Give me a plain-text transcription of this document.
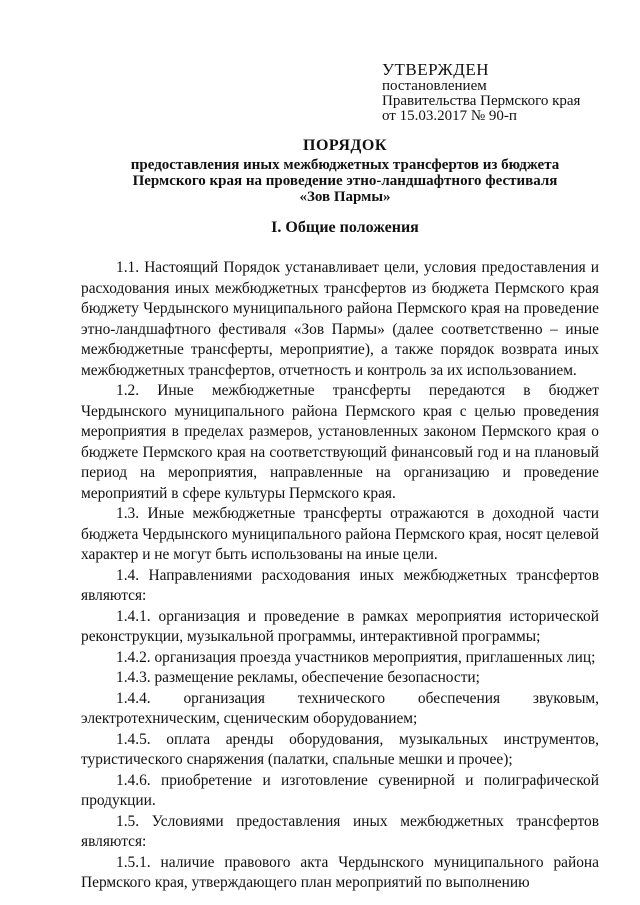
УТВЕРЖДЕН
постановлением
Правительства Пермского края
от 15.03.2017 № 90-п
ПОРЯДОК
предоставления иных межбюджетных трансфертов из бюджета
Пермского края на проведение этно-ландшафтного фестиваля
«Зов Пармы»
I. Общие положения

1.1. Настоящий Порядок устанавливает цели, условия предоставления и расходования иных межбюджетных трансфертов из бюджета Пермского края бюджету Чердынского муниципального района Пермского края на проведение этно-ландшафтного фестиваля «Зов Пармы» (далее соответственно – иные межбюджетные трансферты, мероприятие), а также порядок возврата иных межбюджетных трансфертов, отчетность и контроль за их использованием.

1.2. Иные межбюджетные трансферты передаются в бюджет Чердынского муниципального района Пермского края с целью проведения мероприятия в пределах размеров, установленных законом Пермского края о бюджете Пермского края на соответствующий финансовый год и на плановый период на мероприятия, направленные на организацию и проведение мероприятий в сфере культуры Пермского края.

1.3. Иные межбюджетные трансферты отражаются в доходной части бюджета Чердынского муниципального района Пермского края, носят целевой характер и не могут быть использованы на иные цели.

1.4. Направлениями расходования иных межбюджетных трансфертов являются:

1.4.1. организация и проведение в рамках мероприятия исторической реконструкции, музыкальной программы, интерактивной программы;

1.4.2. организация проезда участников мероприятия, приглашенных лиц;

1.4.3. размещение рекламы, обеспечение безопасности;

1.4.4. организация технического обеспечения звуковым, электротехническим, сценическим оборудованием;

1.4.5. оплата аренды оборудования, музыкальных инструментов, туристического снаряжения (палатки, спальные мешки и прочее);

1.4.6. приобретение и изготовление сувенирной и полиграфической продукции.

1.5. Условиями предоставления иных межбюджетных трансфертов являются:

1.5.1. наличие правового акта Чердынского муниципального района Пермского края, утверждающего план мероприятий по выполнению
